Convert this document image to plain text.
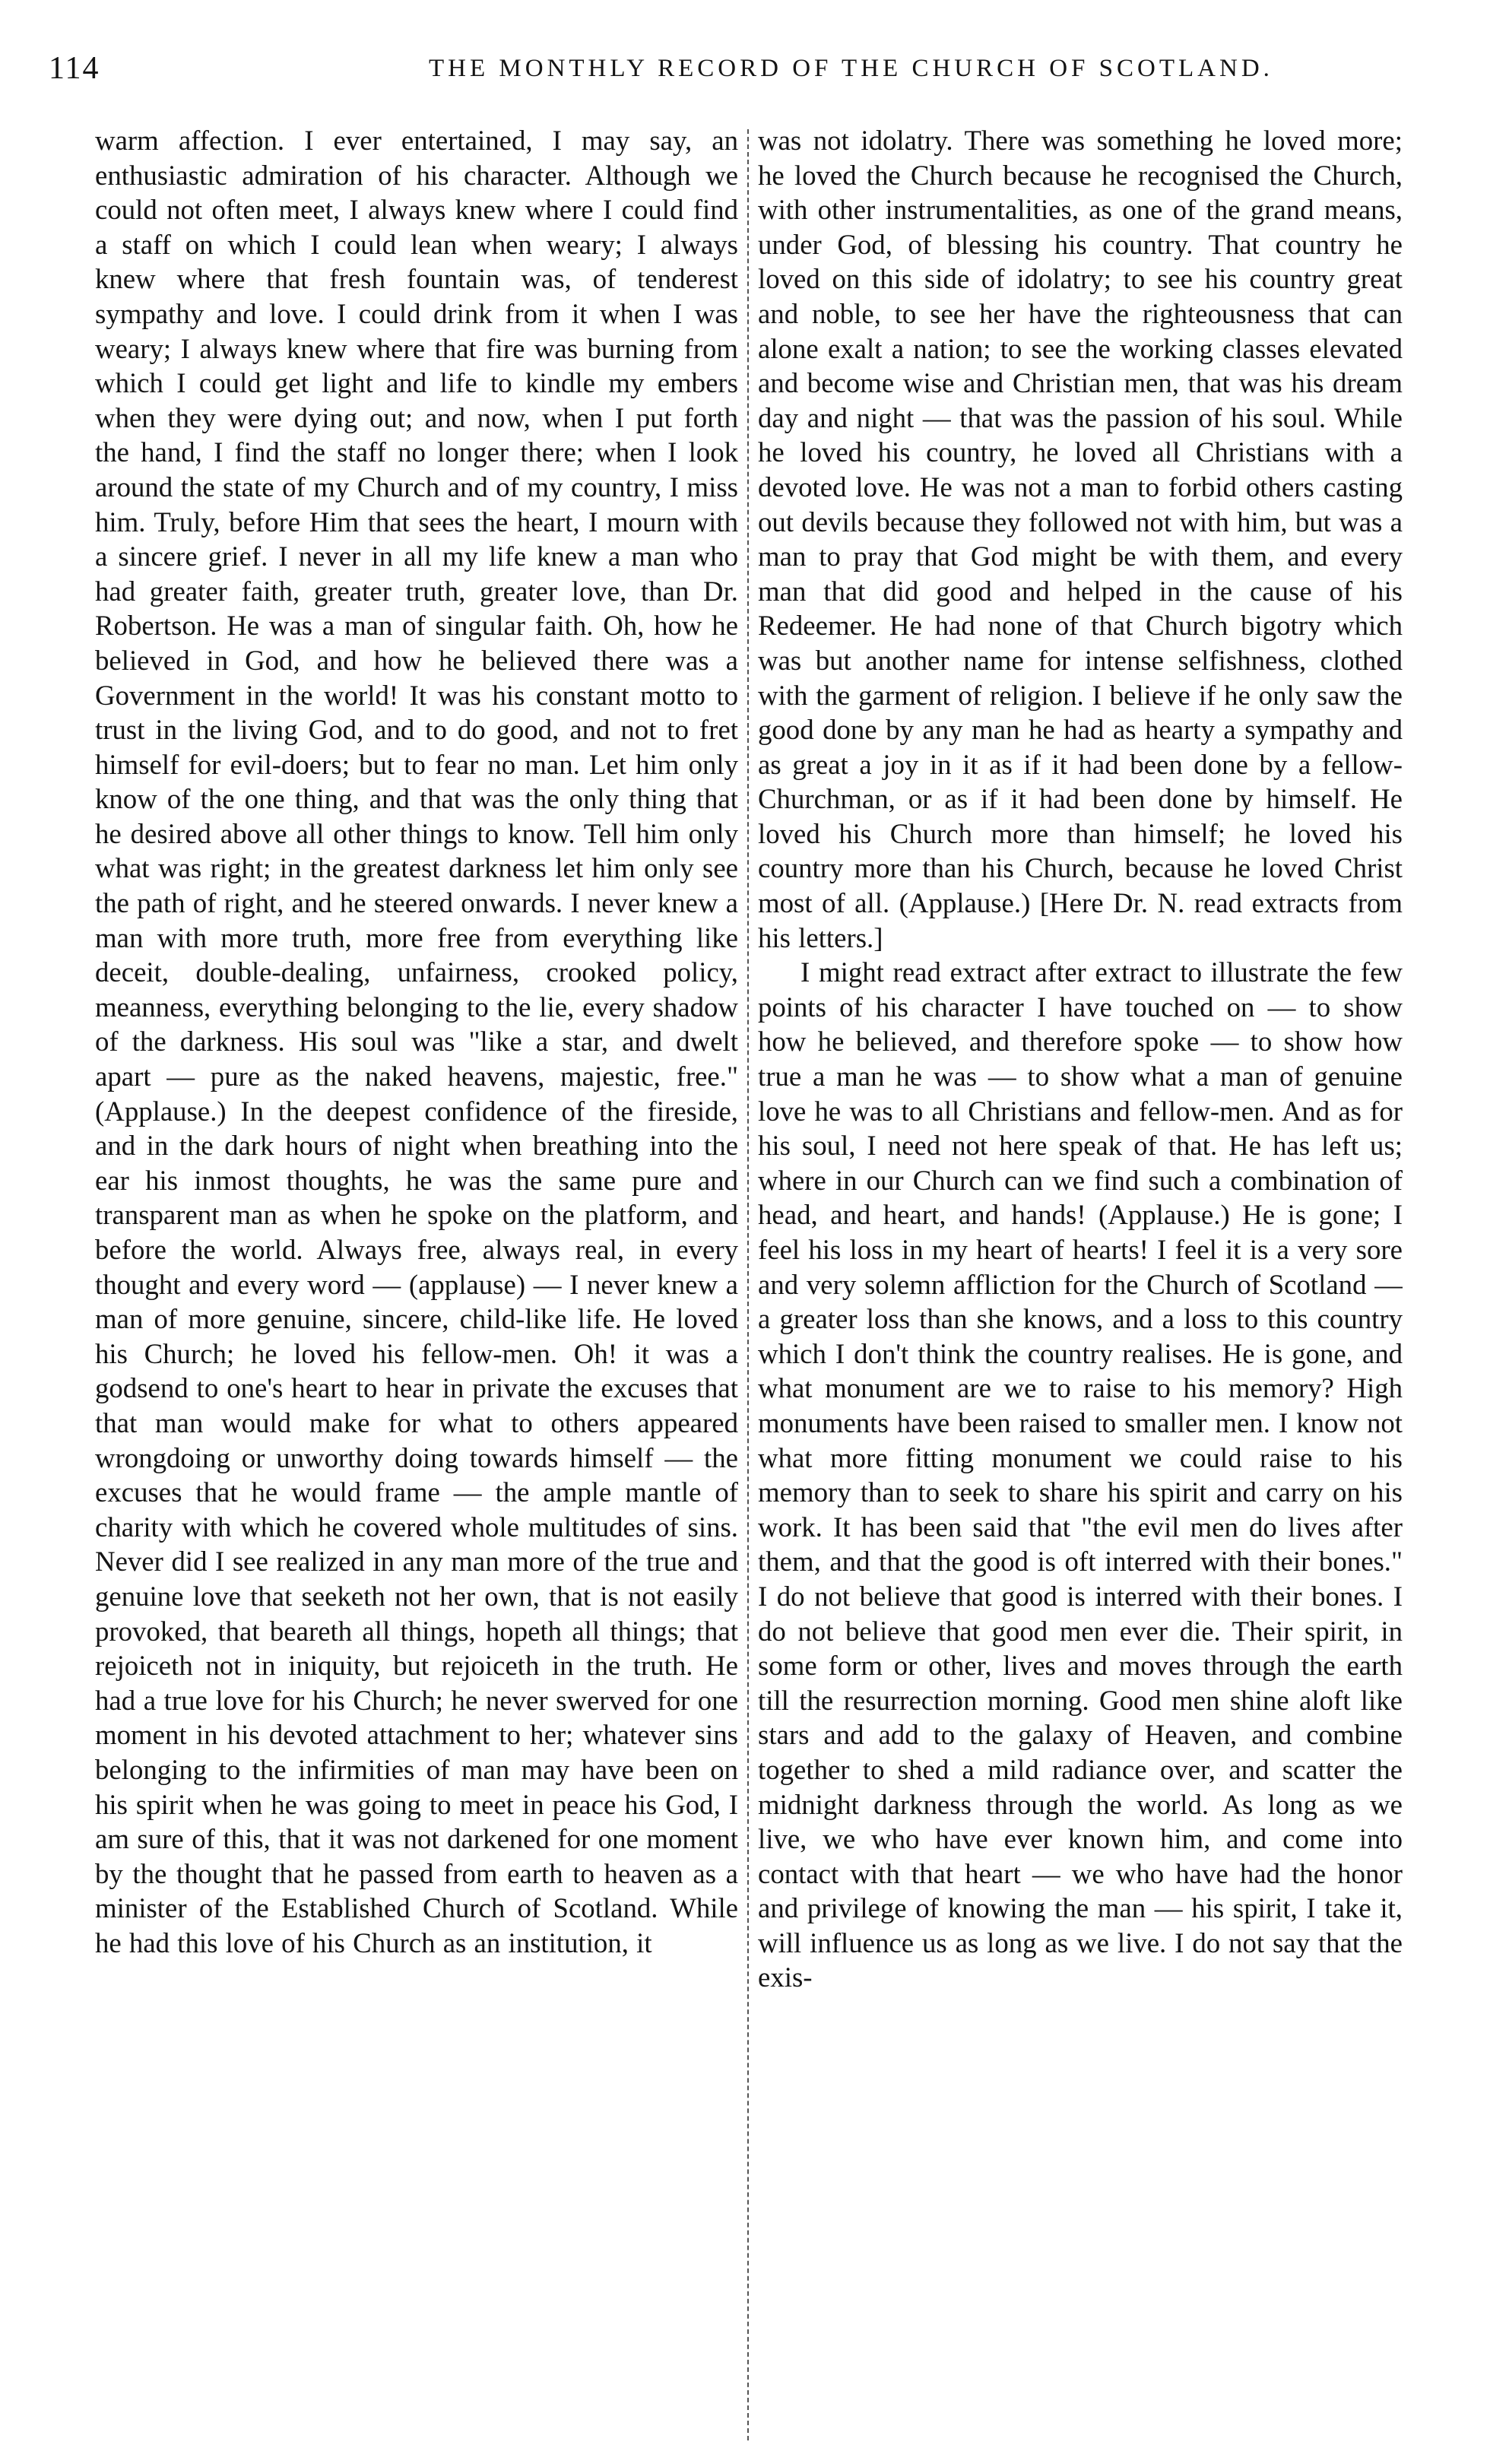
114	THE MONTHLY RECORD OF THE CHURCH OF SCOTLAND.

warm affection. I ever entertained, I may say, an enthusiastic admiration of his character. Although we could not often meet, I always knew where I could find a staff on which I could lean when weary; I always knew where that fresh fountain was, of tenderest sympathy and love. I could drink from it when I was weary; I always knew where that fire was burning from which I could get light and life to kindle my embers when they were dying out; and now, when I put forth the hand, I find the staff no longer there; when I look around the state of my Church and of my country, I miss him. Truly, before Him that sees the heart, I mourn with a sincere grief. I never in all my life knew a man who had greater faith, greater truth, greater love, than Dr. Robertson. He was a man of singular faith. Oh, how he believed in God, and how he believed there was a Government in the world! It was his constant motto to trust in the living God, and to do good, and not to fret himself for evil-doers; but to fear no man. Let him only know of the one thing, and that was the only thing that he desired above all other things to know. Tell him only what was right; in the greatest darkness let him only see the path of right, and he steered onwards. I never knew a man with more truth, more free from everything like deceit, double-dealing, unfairness, crooked policy, meanness, everything belonging to the lie, every shadow of the darkness. His soul was "like a star, and dwelt apart — pure as the naked heavens, majestic, free." (Applause.) In the deepest confidence of the fireside, and in the dark hours of night when breathing into the ear his inmost thoughts, he was the same pure and transparent man as when he spoke on the platform, and before the world. Always free, always real, in every thought and every word — (applause) — I never knew a man of more genuine, sincere, child-like life. He loved his Church; he loved his fellow-men. Oh! it was a godsend to one's heart to hear in private the excuses that that man would make for what to others appeared wrongdoing or unworthy doing towards himself — the excuses that he would frame — the ample mantle of charity with which he covered whole multitudes of sins. Never did I see realized in any man more of the true and genuine love that seeketh not her own, that is not easily provoked, that beareth all things, hopeth all things; that rejoiceth not in iniquity, but rejoiceth in the truth. He had a true love for his Church; he never swerved for one moment in his devoted attachment to her; whatever sins belonging to the infirmities of man may have been on his spirit when he was going to meet in peace his God, I am sure of this, that it was not darkened for one moment by the thought that he passed from earth to heaven as a minister of the Established Church of Scotland. While he had this love of his Church as an institution, it

was not idolatry. There was something he loved more; he loved the Church because he recognised the Church, with other instrumentalities, as one of the grand means, under God, of blessing his country. That country he loved on this side of idolatry; to see his country great and noble, to see her have the righteousness that can alone exalt a nation; to see the working classes elevated and become wise and Christian men, that was his dream day and night — that was the passion of his soul. While he loved his country, he loved all Christians with a devoted love. He was not a man to forbid others casting out devils because they followed not with him, but was a man to pray that God might be with them, and every man that did good and helped in the cause of his Redeemer. He had none of that Church bigotry which was but another name for intense selfishness, clothed with the garment of religion. I believe if he only saw the good done by any man he had as hearty a sympathy and as great a joy in it as if it had been done by a fellow-Churchman, or as if it had been done by himself. He loved his Church more than himself; he loved his country more than his Church, because he loved Christ most of all. (Applause.) [Here Dr. N. read extracts from his letters.]

I might read extract after extract to illustrate the few points of his character I have touched on — to show how he believed, and therefore spoke — to show how true a man he was — to show what a man of genuine love he was to all Christians and fellow-men. And as for his soul, I need not here speak of that. He has left us; where in our Church can we find such a combination of head, and heart, and hands! (Applause.) He is gone; I feel his loss in my heart of hearts! I feel it is a very sore and very solemn affliction for the Church of Scotland — a greater loss than she knows, and a loss to this country which I don't think the country realises. He is gone, and what monument are we to raise to his memory? High monuments have been raised to smaller men. I know not what more fitting monument we could raise to his memory than to seek to share his spirit and carry on his work. It has been said that "the evil men do lives after them, and that the good is oft interred with their bones." I do not believe that good is interred with their bones. I do not believe that good men ever die. Their spirit, in some form or other, lives and moves through the earth till the resurrection morning. Good men shine aloft like stars and add to the galaxy of Heaven, and combine together to shed a mild radiance over, and scatter the midnight darkness through the world. As long as we live, we who have ever known him, and come into contact with that heart — we who have had the honor and privilege of knowing the man — his spirit, I take it, will influence us as long as we live. I do not say that the exis-
